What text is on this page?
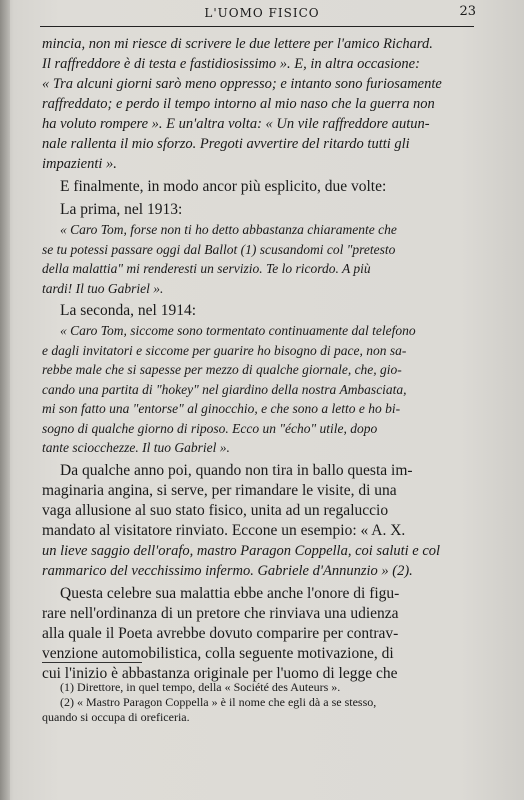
L'UOMO FISICO	23
mincia, non mi riesce di scrivere le due lettere per l'amico Richard.
Il raffreddore è di testa e fastidiosissimo ». E, in altra occasione:
« Tra alcuni giorni sarò meno oppresso; e intanto sono furiosamente
raffreddato; e perdo il tempo intorno al mio naso che la guerra non
ha voluto rompere ». E un'altra volta: « Un vile raffreddore autun-
nale rallenta il mio sforzo. Pregoti avvertire del ritardo tutti gli
impazienti ».
E finalmente, in modo ancor più esplicito, due volte:
La prima, nel 1913:
« Caro Tom, forse non ti ho detto abbastanza chiaramente che
se tu potessi passare oggi dal Ballot (1) scusandomi col "pretesto
della malattia" mi renderesti un servizio. Te lo ricordo. A più
tardi! Il tuo Gabriel ».
La seconda, nel 1914:
« Caro Tom, siccome sono tormentato continuamente dal telefono
e dagli invitatori e siccome per guarire ho bisogno di pace, non sa-
rebbe male che si sapesse per mezzo di qualche giornale, che, gio-
cando una partita di "hokey" nel giardino della nostra Ambasciata,
mi son fatto una "entorse" al ginocchio, e che sono a letto e ho bi-
sogno di qualche giorno di riposo. Ecco un "écho" utile, dopo
tante sciocchezze. Il tuo Gabriel ».
Da qualche anno poi, quando non tira in ballo questa im-
maginaria angina, si serve, per rimandare le visite, di una
vaga allusione al suo stato fisico, unita ad un regaluccio
mandato al visitatore rinviato. Eccone un esempio: « A. X.
un lieve saggio dell'orafo, mastro Paragon Coppella, coi saluti e col
rammarico del vecchissimo infermo. Gabriele d'Annunzio » (2).
Questa celebre sua malattia ebbe anche l'onore di figu-
rare nell'ordinanza di un pretore che rinviava una udienza
alla quale il Poeta avrebbe dovuto comparire per contrav-
venzione automobilistica, colla seguente motivazione, di
cui l'inizio è abbastanza originale per l'uomo di legge che
(1) Direttore, in quel tempo, della « Société des Auteurs ».
(2) « Mastro Paragon Coppella » è il nome che egli dà a se stesso,
quando si occupa di oreficeria.
